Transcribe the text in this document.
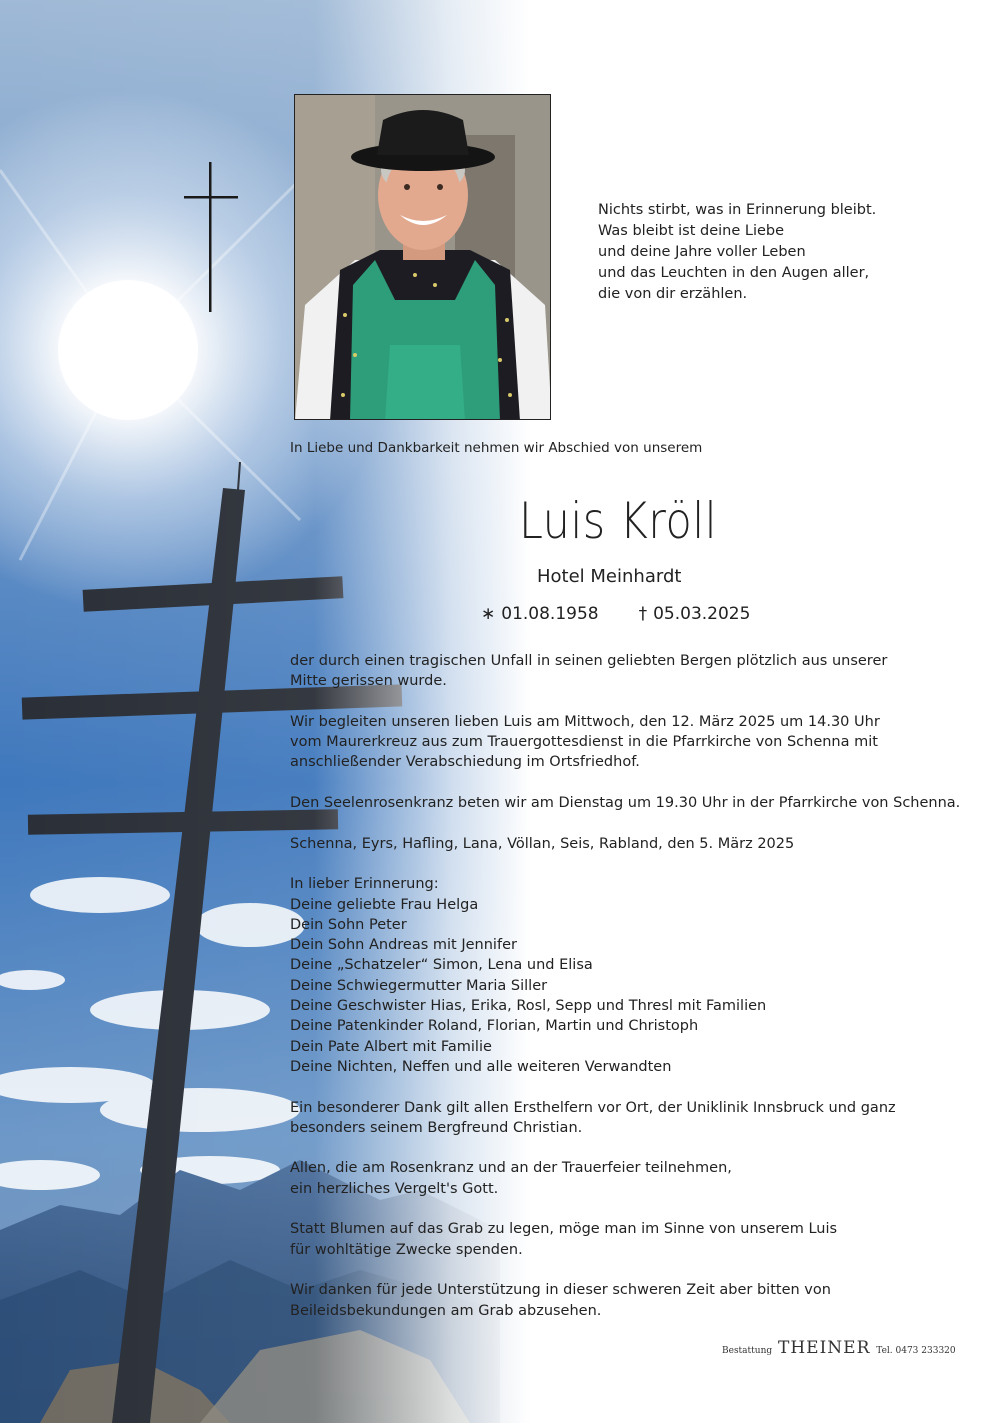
Nichts stirbt, was in Erinnerung bleibt.
Was bleibt ist deine Liebe
und deine Jahre voller Leben
und das Leuchten in den Augen aller,
die von dir erzählen.
In Liebe und Dankbarkeit nehmen wir Abschied von unserem
Luis Kröll
Hotel Meinhardt
∗ 01.08.1958 † 05.03.2025

der durch einen tragischen Unfall in seinen geliebten Bergen plötzlich aus unserer
Mitte gerissen wurde.

Wir begleiten unseren lieben Luis am Mittwoch, den 12. März 2025 um 14.30 Uhr
vom Maurerkreuz aus zum Trauergottesdienst in die Pfarrkirche von Schenna mit
anschließender Verabschiedung im Ortsfriedhof.

Den Seelenrosenkranz beten wir am Dienstag um 19.30 Uhr in der Pfarrkirche von Schenna.

Schenna, Eyrs, Hafling, Lana, Völlan, Seis, Rabland, den 5. März 2025

In lieber Erinnerung:
Deine geliebte Frau Helga
Dein Sohn Peter
Dein Sohn Andreas mit Jennifer
Deine „Schatzeler“ Simon, Lena und Elisa
Deine Schwiegermutter Maria Siller
Deine Geschwister Hias, Erika, Rosl, Sepp und Thresl mit Familien
Deine Patenkinder Roland, Florian, Martin und Christoph
Dein Pate Albert mit Familie
Deine Nichten, Neffen und alle weiteren Verwandten

Ein besonderer Dank gilt allen Ersthelfern vor Ort, der Uniklinik Innsbruck und ganz
besonders seinem Bergfreund Christian.

Allen, die am Rosenkranz und an der Trauerfeier teilnehmen,
ein herzliches Vergelt's Gott.

Statt Blumen auf das Grab zu legen, möge man im Sinne von unserem Luis
für wohltätige Zwecke spenden.

Wir danken für jede Unterstützung in dieser schweren Zeit aber bitten von
Beileidsbekundungen am Grab abzusehen.

Bestattung THEINER Tel. 0473 233320
